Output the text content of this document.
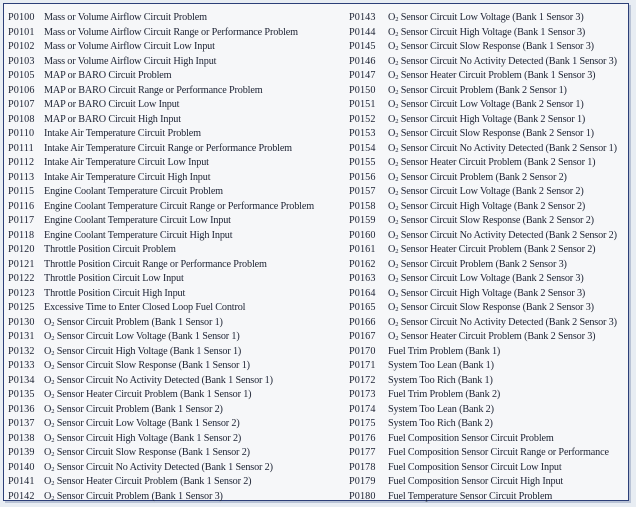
P0100 Mass or Volume Airflow Circuit Problem
P0101 Mass or Volume Airflow Circuit Range or Performance Problem
P0102 Mass or Volume Airflow Circuit Low Input
P0103 Mass or Volume Airflow Circuit High Input
P0105 MAP or BARO Circuit Problem
P0106 MAP or BARO Circuit Range or Performance Problem
P0107 MAP or BARO Circuit Low Input
P0108 MAP or BARO Circuit High Input
P0110 Intake Air Temperature Circuit Problem
P0111 Intake Air Temperature Circuit Range or Performance Problem
P0112 Intake Air Temperature Circuit Low Input
P0113 Intake Air Temperature Circuit High Input
P0115 Engine Coolant Temperature Circuit Problem
P0116 Engine Coolant Temperature Circuit Range or Performance Problem
P0117 Engine Coolant Temperature Circuit Low Input
P0118 Engine Coolant Temperature Circuit High Input
P0120 Throttle Position Circuit Problem
P0121 Throttle Position Circuit Range or Performance Problem
P0122 Throttle Position Circuit Low Input
P0123 Throttle Position Circuit High Input
P0125 Excessive Time to Enter Closed Loop Fuel Control
P0130 $O_2$ Sensor Circuit Problem (Bank 1 Sensor 1)
P0131 $O_2$ Sensor Circuit Low Voltage (Bank 1 Sensor 1)
P0132 $O_2$ Sensor Circuit High Voltage (Bank 1 Sensor 1)
P0133 $O_2$ Sensor Circuit Slow Response (Bank 1 Sensor 1)
P0134 $O_2$ Sensor Circuit No Activity Detected (Bank 1 Sensor 1)
P0135 $O_2$ Sensor Heater Circuit Problem (Bank 1 Sensor 1)
P0136 $O_2$ Sensor Circuit Problem (Bank 1 Sensor 2)
P0137 $O_2$ Sensor Circuit Low Voltage (Bank 1 Sensor 2)
P0138 $O_2$ Sensor Circuit High Voltage (Bank 1 Sensor 2)
P0139 $O_2$ Sensor Circuit Slow Response (Bank 1 Sensor 2)
P0140 $O_2$ Sensor Circuit No Activity Detected (Bank 1 Sensor 2)
P0141 $O_2$ Sensor Heater Circuit Problem (Bank 1 Sensor 2)
P0142 $O_2$ Sensor Circuit Problem (Bank 1 Sensor 3)
P0143 $O_2$ Sensor Circuit Low Voltage (Bank 1 Sensor 3)
P0144 $O_2$ Sensor Circuit High Voltage (Bank 1 Sensor 3)
P0145 $O_2$ Sensor Circuit Slow Response (Bank 1 Sensor 3)
P0146 $O_2$ Sensor Circuit No Activity Detected (Bank 1 Sensor 3)
P0147 $O_2$ Sensor Heater Circuit Problem (Bank 1 Sensor 3)
P0150 $O_2$ Sensor Circuit Problem (Bank 2 Sensor 1)
P0151 $O_2$ Sensor Circuit Low Voltage (Bank 2 Sensor 1)
P0152 $O_2$ Sensor Circuit High Voltage (Bank 2 Sensor 1)
P0153 $O_2$ Sensor Circuit Slow Response (Bank 2 Sensor 1)
P0154 $O_2$ Sensor Circuit No Activity Detected (Bank 2 Sensor 1)
P0155 $O_2$ Sensor Heater Circuit Problem (Bank 2 Sensor 1)
P0156 $O_2$ Sensor Circuit Problem (Bank 2 Sensor 2)
P0157 $O_2$ Sensor Circuit Low Voltage (Bank 2 Sensor 2)
P0158 $O_2$ Sensor Circuit High Voltage (Bank 2 Sensor 2)
P0159 $O_2$ Sensor Circuit Slow Response (Bank 2 Sensor 2)
P0160 $O_2$ Sensor Circuit No Activity Detected (Bank 2 Sensor 2)
P0161 $O_2$ Sensor Heater Circuit Problem (Bank 2 Sensor 2)
P0162 $O_2$ Sensor Circuit Problem (Bank 2 Sensor 3)
P0163 $O_2$ Sensor Circuit Low Voltage (Bank 2 Sensor 3)
P0164 $O_2$ Sensor Circuit High Voltage (Bank 2 Sensor 3)
P0165 $O_2$ Sensor Circuit Slow Response (Bank 2 Sensor 3)
P0166 $O_2$ Sensor Circuit No Activity Detected (Bank 2 Sensor 3)
P0167 $O_2$ Sensor Heater Circuit Problem (Bank 2 Sensor 3)
P0170 Fuel Trim Problem (Bank 1)
P0171 System Too Lean (Bank 1)
P0172 System Too Rich (Bank 1)
P0173 Fuel Trim Problem (Bank 2)
P0174 System Too Lean (Bank 2)
P0175 System Too Rich (Bank 2)
P0176 Fuel Composition Sensor Circuit Problem
P0177 Fuel Composition Sensor Circuit Range or Performance
P0178 Fuel Composition Sensor Circuit Low Input
P0179 Fuel Composition Sensor Circuit High Input
P0180 Fuel Temperature Sensor Circuit Problem
